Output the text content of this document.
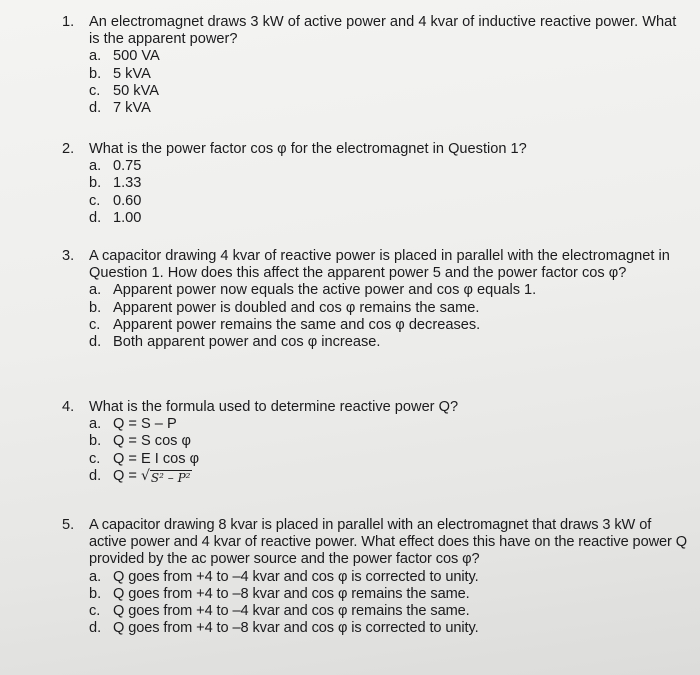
1.	An electromagnet draws 3 kW of active power and 4 kvar of inductive reactive power. What is the apparent power?
a. 500 VA
b. 5 kVA
c. 50 kVA
d. 7 kVA
2.	What is the power factor cos φ for the electromagnet in Question 1?
a. 0.75
b. 1.33
c. 0.60
d. 1.00
3.	A capacitor drawing 4 kvar of reactive power is placed in parallel with the electromagnet in Question 1. How does this affect the apparent power 5 and the power factor cos φ?
a. Apparent power now equals the active power and cos φ equals 1.
b. Apparent power is doubled and cos φ remains the same.
c. Apparent power remains the same and cos φ decreases.
d. Both apparent power and cos φ increase.
4.	What is the formula used to determine reactive power Q?
a. Q = S – P
b. Q = S cos φ
c. Q = E I cos φ
d. Q = √ S² – P²
5.	A capacitor drawing 8 kvar is placed in parallel with an electromagnet that draws 3 kW of active power and 4 kvar of reactive power. What effect does this have on the reactive power Q provided by the ac power source and the power factor cos φ?
a. Q goes from +4 to –4 kvar and cos φ is corrected to unity.
b. Q goes from +4 to –8 kvar and cos φ remains the same.
c. Q goes from +4 to –4 kvar and cos φ remains the same.
d. Q goes from +4 to –8 kvar and cos φ is corrected to unity.
